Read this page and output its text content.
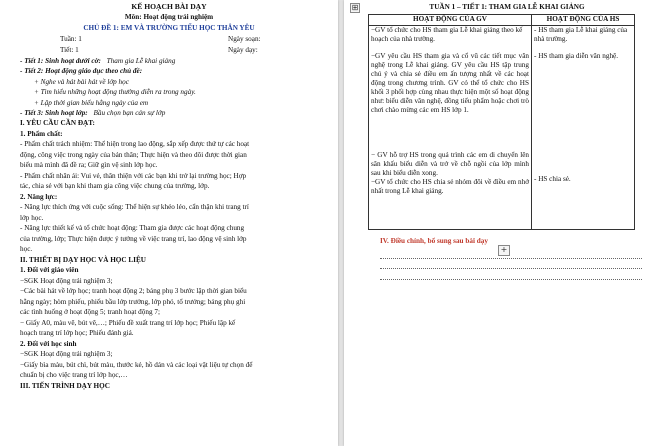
KẾ HOẠCH BÀI DẠY
Môn: Hoạt động trải nghiệm
CHỦ ĐỀ 1: EM VÀ TRƯỜNG TIỂU HỌC THÂN YÊU
Tuần: 1	Ngày soạn:
Tiết: 1	Ngày dạy:
- Tiết 1: Sinh hoạt dưới cờ: Tham gia Lễ khai giảng
- Tiết 2: Hoạt động giáo dục theo chủ đề:
+ Nghe và hát bài hát về lớp học
+ Tìm hiểu những hoạt động thường diễn ra trong ngày.
+ Lập thời gian biểu hằng ngày của em
- Tiết 3: Sinh hoạt lớp: Bầu chọn bạn cán sự lớp
I. YÊU CẦU CẦN ĐẠT:
1. Phẩm chất:
- Phẩm chất trách nhiệm: Thể hiện trong lao động, sắp xếp được thứ tự các hoạt
động, công việc trong ngày của bản thân; Thực hiện và theo dõi được thời gian
biểu mà mình đã đề ra; Giữ gìn vệ sinh lớp học.
- Phẩm chất nhân ái: Vui vẻ, thân thiện với các bạn khi trở lại trường học; Hợp
tác, chia sẻ với bạn khi tham gia công việc chung của trường, lớp.
2. Năng lực:
- Năng lực thích ứng với cuộc sống: Thể hiện sự khéo léo, cẩn thận khi trang trí
lớp học.
- Năng lực thiết kế và tổ chức hoạt động: Tham gia được các hoạt động chung
của trường, lớp; Thực hiện được ý tưởng về việc trang trí, lao động vệ sinh lớp
học.
II. THIẾT BỊ DẠY HỌC VÀ HỌC LIỆU
1. Đối với giáo viên
−SGK Hoạt động trải nghiệm 3;
−Các bài hát về lớp học; tranh hoạt động 2; bảng phụ 3 bước lập thời gian biểu
hằng ngày; hòm phiếu, phiếu bầu lớp trưởng, lớp phó, tổ trưởng; bảng phụ ghi
các tình huống ở hoạt động 5; tranh hoạt động 7;
− Giấy A0, màu vẽ, bút vẽ,…; Phiếu đề xuất trang trí lớp học; Phiếu lập kế
hoạch trang trí lớp học; Phiếu đánh giá.
2. Đối với học sinh
−SGK Hoạt động trải nghiệm 3;
−Giấy bìa màu, bút chì, bút màu, thước kẻ, hồ dán và các loại vật liệu tự chọn để
chuẩn bị cho việc trang trí lớp học,…
III. TIẾN TRÌNH DẠY HỌC
⊞	TUẦN 1 – TIẾT 1: THAM GIA LỄ KHAI GIẢNG
HOẠT ĐỘNG CỦA GV	HOẠT ĐỘNG CỦA HS
−GV tổ chức cho HS tham gia Lễ khai giảng theo kế hoạch của nhà trường.	- HS tham gia Lễ khai giảng của nhà trường.
−GV yêu cầu HS tham gia và cổ vũ các tiết mục văn nghệ trong Lễ khai giảng. GV yêu cầu HS tập trung chú ý và chia sẻ điều em ấn tượng nhất về các hoạt động trong chương trình. GV có thể tổ chức cho HS khối 3 phối hợp cùng nhau thực hiện một số hoạt động như: biểu diễn văn nghệ, đồng tiểu phẩm hoặc chơi trò chơi chào mừng các em HS lớp 1.	- HS tham gia diễn văn nghệ.
− GV hỗ trợ HS trong quá trình các em di chuyển lên sân khấu biểu diễn và trở về chỗ ngồi của lớp mình sau khi biểu diễn xong.
−GV tổ chức cho HS chia sẻ nhóm đôi về điều em nhớ nhất trong Lễ khai giảng.	- HS chia sẻ.
IV. Điều chỉnh, bổ sung sau bài dạy
+
